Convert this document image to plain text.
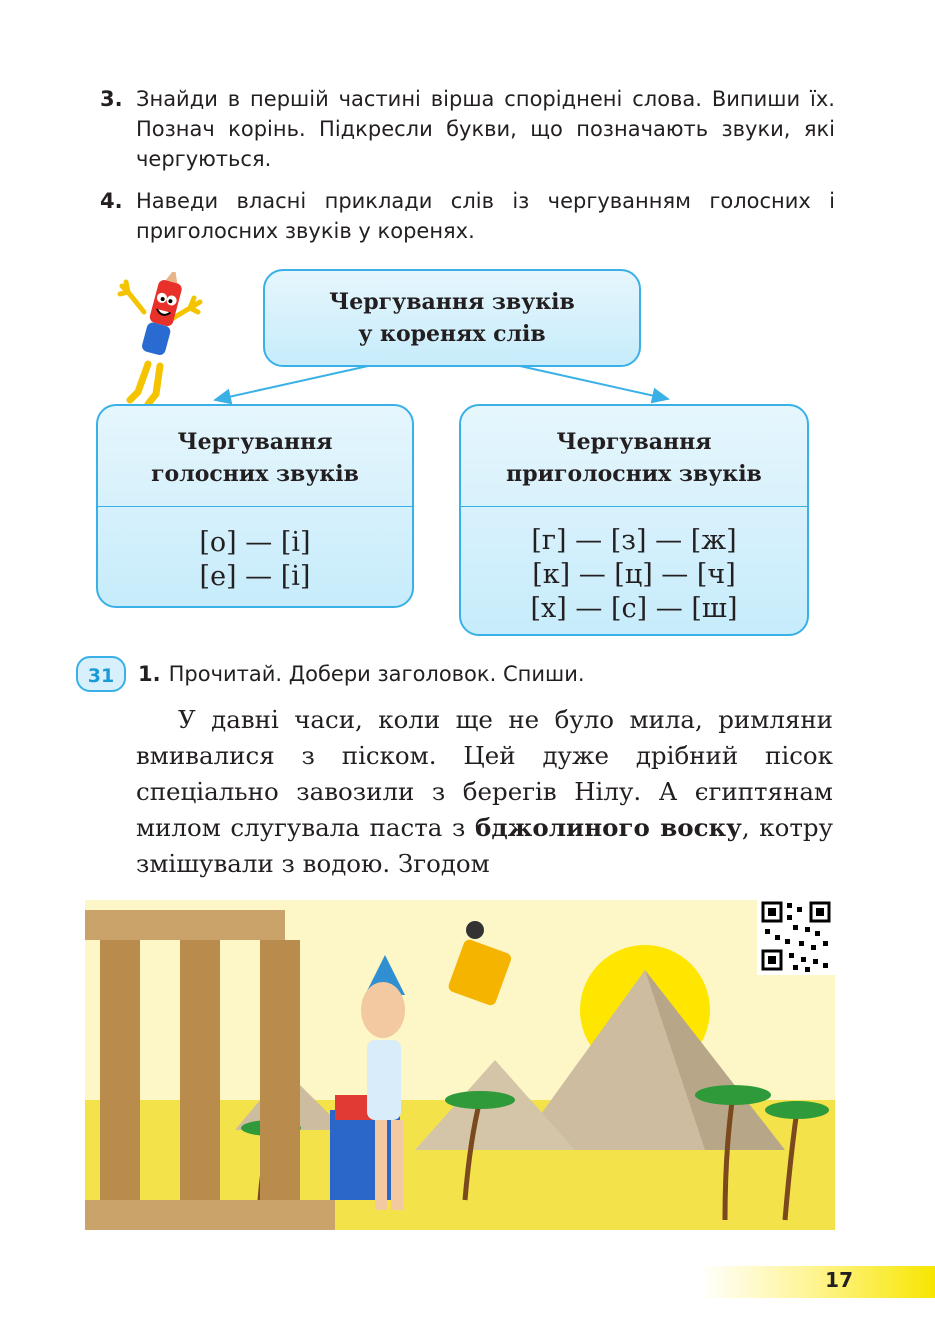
3. Знайди в першій частині вірша споріднені слова. Випиши їх. Познач корінь. Підкресли букви, що позначають звуки, які чергуються.
4. Наведи власні приклади слів із чергуванням голосних і приголосних звуків у коренях.
Чергування звуків
у коренях слів
Чергування
голосних звуків
[о] — [і]
[е] — [і]
Чергування
приголосних звуків
[г] — [з] — [ж]
[к] — [ц] — [ч]
[х] — [с] — [ш]
31	1. Прочитай. Добери заголовок. Спиши.
У давні часи, коли ще не було мила, римляни вмивалися з піском. Цей дуже дрібний пісок спеціально завозили з берегів Нілу. А єгиптянам милом слугувала паста з бджолиного воску, котру змішували з водою. Згодом
17
